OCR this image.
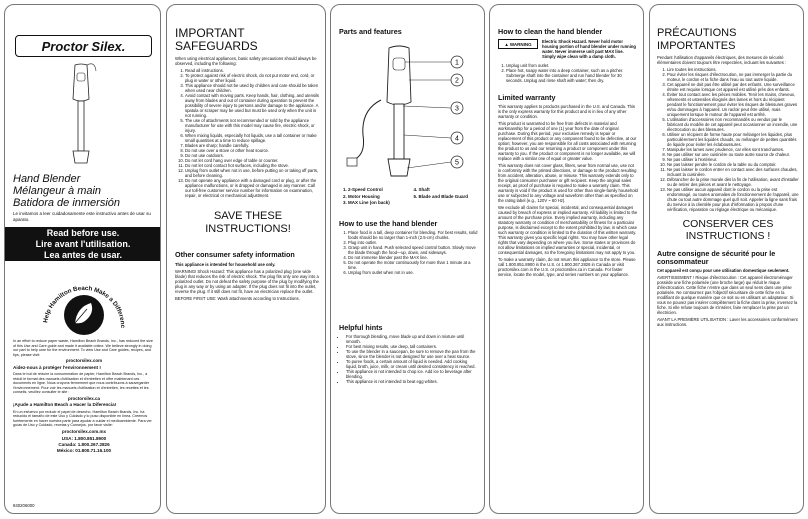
Proctor Silex.
Hand Blender
Mélangeur à main
Batidora de inmersión
Le invitamos a leer cuidadosamente este instructivo antes de usar su aparato.
Read before use.
Lire avant l'utilisation.
Lea antes de usar.
Help Hamilton Beach Make a Differenc

In an effort to reduce paper waste, Hamilton Beach Brands, Inc., has reduced the size of this Use and Care guide and made it available online. We believe strongly in doing our part to help care for the environment. To view Use and Care guides, recipes, and tips, please visit:

proctorsilex.com

Aidez-nous à protéger l'environnement !

Dans le but de réduire la consommation de papier, Hamilton Beach Brands, Inc., a réduit le format des manuels d'utilisation et d'entretien et offre maintenant ces documents en ligne. Nous croyons fermement que nous contribuons à sauvegarder l'environnement. Pour voir les manuels d'utilisation et d'entretien, les recettes et les conseils, veuillez consulter le site :

proctorsilex.ca

¡Ayude a Hamilton Beach a Hacer la Diferencia!

En un esfuerzo por reducir el papel de desecho, Hamilton Beach Brands, Inc. ha reducido el tamaño de este Uso y Cuidado y lo puso disponible en línea. Creemos fuertemente en hacer nuestra parte para ayudar a cuidar el medioambiente. Para ver guías de Uso y Cuidado, recetas y Consejos, por favor visite:

proctorsilex.com.mx

USA: 1.800.851.8900
Canada: 1.800.267.2826
México: 01.800.71.16.100
840206000
IMPORTANT SAFEGUARDS

When using electrical appliances, basic safety precautions should always be observed, including the following:

1. Read all instructions.
2. To protect against risk of electric shock, do not put motor end, cord, or plug in water or other liquid.
3. This appliance should not be used by children and care should be taken when used near children.
4. Avoid contact with moving parts. Keep hands, hair, clothing, and utensils away from blades and out of container during operation to prevent the possibility of severe injury to persons and/or damage to the appliance. A spatula or scraper may be used but must be used only when the unit is not running.
5. The use of attachments not recommended or sold by the appliance manufacturer for use with this model may cause fire, electric shock, or injury.
6. When mixing liquids, especially hot liquids, use a tall container or make small quantities at a time to reduce spillage.
7. Blades are sharp; handle carefully.
8. Do not use over a stove or other heat source.
9. Do not use outdoors.
10. Do not let cord hang over edge of table or counter.
11. Do not let cord contact hot surfaces, including the stove.
12. Unplug from outlet when not in use, before putting on or taking off parts, and before cleaning.
13. Do not operate any appliance with a damaged cord or plug, or after the appliance malfunctions, or is dropped or damaged in any manner. Call our toll-free customer service number for information on examination, repair, or electrical or mechanical adjustment.
SAVE THESE INSTRUCTIONS!
Other consumer safety information

This appliance is intended for household use only.

WARNING! Shock Hazard: This appliance has a polarized plug (one wide blade) that reduces the risk of electric shock. The plug fits only one way into a polarized outlet. Do not defeat the safety purpose of the plug by modifying the plug in any way or by using an adapter. If the plug does not fit into the outlet, reverse the plug. If it still does not fit, have an electrician replace the outlet.

BEFORE FIRST USE: Wash attachments according to Instructions.

Parts and features
1
2
3
4
5
1. 2-Speed Control	4. Shaft
2. Motor Housing	5. Blade and Blade Guard
3. MAX Line (on back)
How to use the hand blender
1. Place food in a tall, deep container for blending. For best results, solid foods should be no larger than 1-inch (2.5-cm) chunks.
2. Plug into outlet.
3. Grasp unit in hand. Push selected speed control button. Slowly move the blade through the food—up, down, and sideways.
4. Do not immerse blender past the MAX line.
5. Do not operate the motor continuously for more than 1 minute at a time.
6. Unplug from outlet when not in use.
Helpful hints
• For thorough blending, move blade up and down in mixture until smooth.
• For best mixing results, use deep, tall containers.
• To use the blender in a saucepan, be sure to remove the pan from the stove, since the blender is not designed for use over a heat source.
• To puree foods, a certain amount of liquid is needed. Add cooking liquid, broth, juice, milk, or cream until desired consistency is reached.
• This appliance is not intended to chop ice. Add ice to beverage after blending.
• This appliance is not intended to beat egg whites.
How to clean the hand blender
▲ WARNING Electric Shock Hazard. Never hold motor housing portion of hand blender under running water. Never immerse unit past MAX line. Simply wipe clean with a damp cloth.

1. Unplug unit from outlet.
2. Place hot, soapy water into a deep container, such as a pitcher. Submerge shaft into the container and run hand blender for 30 seconds. Unplug and rinse shaft with water; then dry.
Limited warranty

This warranty applies to products purchased in the U.S. and Canada. This is the only express warranty for this product and is in lieu of any other warranty or condition.

This product is warranted to be free from defects in material and workmanship for a period of one (1) year from the date of original purchase. During this period, your exclusive remedy is repair or replacement of this product or any component found to be defective, at our option; however, you are responsible for all costs associated with returning the product to us and our returning a product or component under this warranty to you. If the product or component is no longer available, we will replace with a similar one of equal or greater value.

This warranty does not cover glass, filters, wear from normal use, use not in conformity with the printed directions, or damage to the product resulting from accident, alteration, abuse, or misuse. This warranty extends only to the original consumer purchaser or gift recipient. Keep the original sales receipt, as proof of purchase is required to make a warranty claim. This warranty is void if the product is used for other than single-family household use or subjected to any voltage and waveform other than as specified on the rating label (e.g., 120V ~ 60 Hz).

We exclude all claims for special, incidental, and consequential damages caused by breach of express or implied warranty. All liability is limited to the amount of the purchase price. Every implied warranty, including any statutory warranty or condition of merchantability or fitness for a particular purpose, is disclaimed except to the extent prohibited by law, in which case such warranty or condition is limited to the duration of this written warranty. This warranty gives you specific legal rights. You may have other legal rights that vary depending on where you live. Some states or provinces do not allow limitations on implied warranties or special, incidental, or consequential damages, so the foregoing limitations may not apply to you.

To make a warranty claim, do not return this appliance to the store. Please call 1.800.851.8900 in the U.S. or 1.800.267.2826 in Canada or visit proctorsilex.com in the U.S. or proctorsilex.ca in Canada. For faster service, locate the model, type, and series numbers on your appliance.

PRÉCAUTIONS IMPORTANTES

Pendant l'utilisation d'appareils électriques, des mesures de sécurité élémentaires doivent toujours être respectées, incluant les suivantes :

1. Lire toutes les instructions.
2. Pour éviter les risques d'électrocution, ne pas immerger la partie du moteur, le cordon et la fiche dans l'eau ou tout autre liquide.
3. Cet appareil ne doit pas être utilisé par des enfants. Une surveillance étroite est requise lorsque cet appareil est utilisé près des enfants.
4. Éviter tout contact avec les pièces mobiles. Tenir les mains, cheveux, vêtements et ustensiles éloignés des lames et hors du récipient pendant le fonctionnement pour éviter les risques de blessures graves et/ou dommages à l'appareil. Un racloir peut être utilisé, mais uniquement lorsque le moteur de l'appareil est arrêté.
5. L'utilisation d'accessoires non recommandés ou vendus par le fabricant du modèle de cet appareil peut occasionner un incendie, une électrocution ou des blessures.
6. Utiliser un récipient de forme haute pour mélanger les liquides, plus particulièrement les liquides chauds, ou mélanger de petites quantités de liquide pour éviter les éclaboussures.
7. Manipuler les lames avec prudence, car elles sont tranchantes.
8. Ne pas utiliser sur une cuisinière ou toute autre source de chaleur.
9. Ne pas utiliser à l'extérieur.
10. Ne pas laisser pendre le cordon de la table ou du comptoir.
11. Ne pas laisser le cordon entrer en contact avec des surfaces chaudes, incluant la cuisinière.
12. Débrancher de la prise murale dès la fin de l'utilisation, avant d'installer ou de retirer des pièces et avant le nettoyage.
13. Ne pas utiliser aucun appareil dont le cordon ou la prise est endommagé, ou toutes anomalies de fonctionnement de l'appareil, une chute ou tout autre dommage quel qu'il soit. Appeler la ligne sans frais du Service à la clientèle pour plus d'information à propos d'une vérification, réparation ou réglage électrique ou mécanique.
CONSERVER CES INSTRUCTIONS !
Autre consigne de sécurité pour le consommateur

Cet appareil est conçu pour une utilisation domestique seulement.

AVERTISSEMENT ! Risque d'électrocution : Cet appareil électroménager possède une fiche polarisée (une broche large) qui réduit le risque d'électrocution. Cette fiche n'entre que dans un seul sens dans une prise polarisée. Ne contournez pas l'objectif sécuritaire de cette fiche en la modifiant de quelque manière que ce soit ou en utilisant un adaptateur. Si vous ne pouvez pas insérer complètement la fiche dans la prise, inversez la fiche. Si elle refuse toujours de s'insérer, faire remplacer la prise par un électricien.

AVANT LA PREMIÈRE UTILISATION : Laver les accessoires conformément aux instructions.
